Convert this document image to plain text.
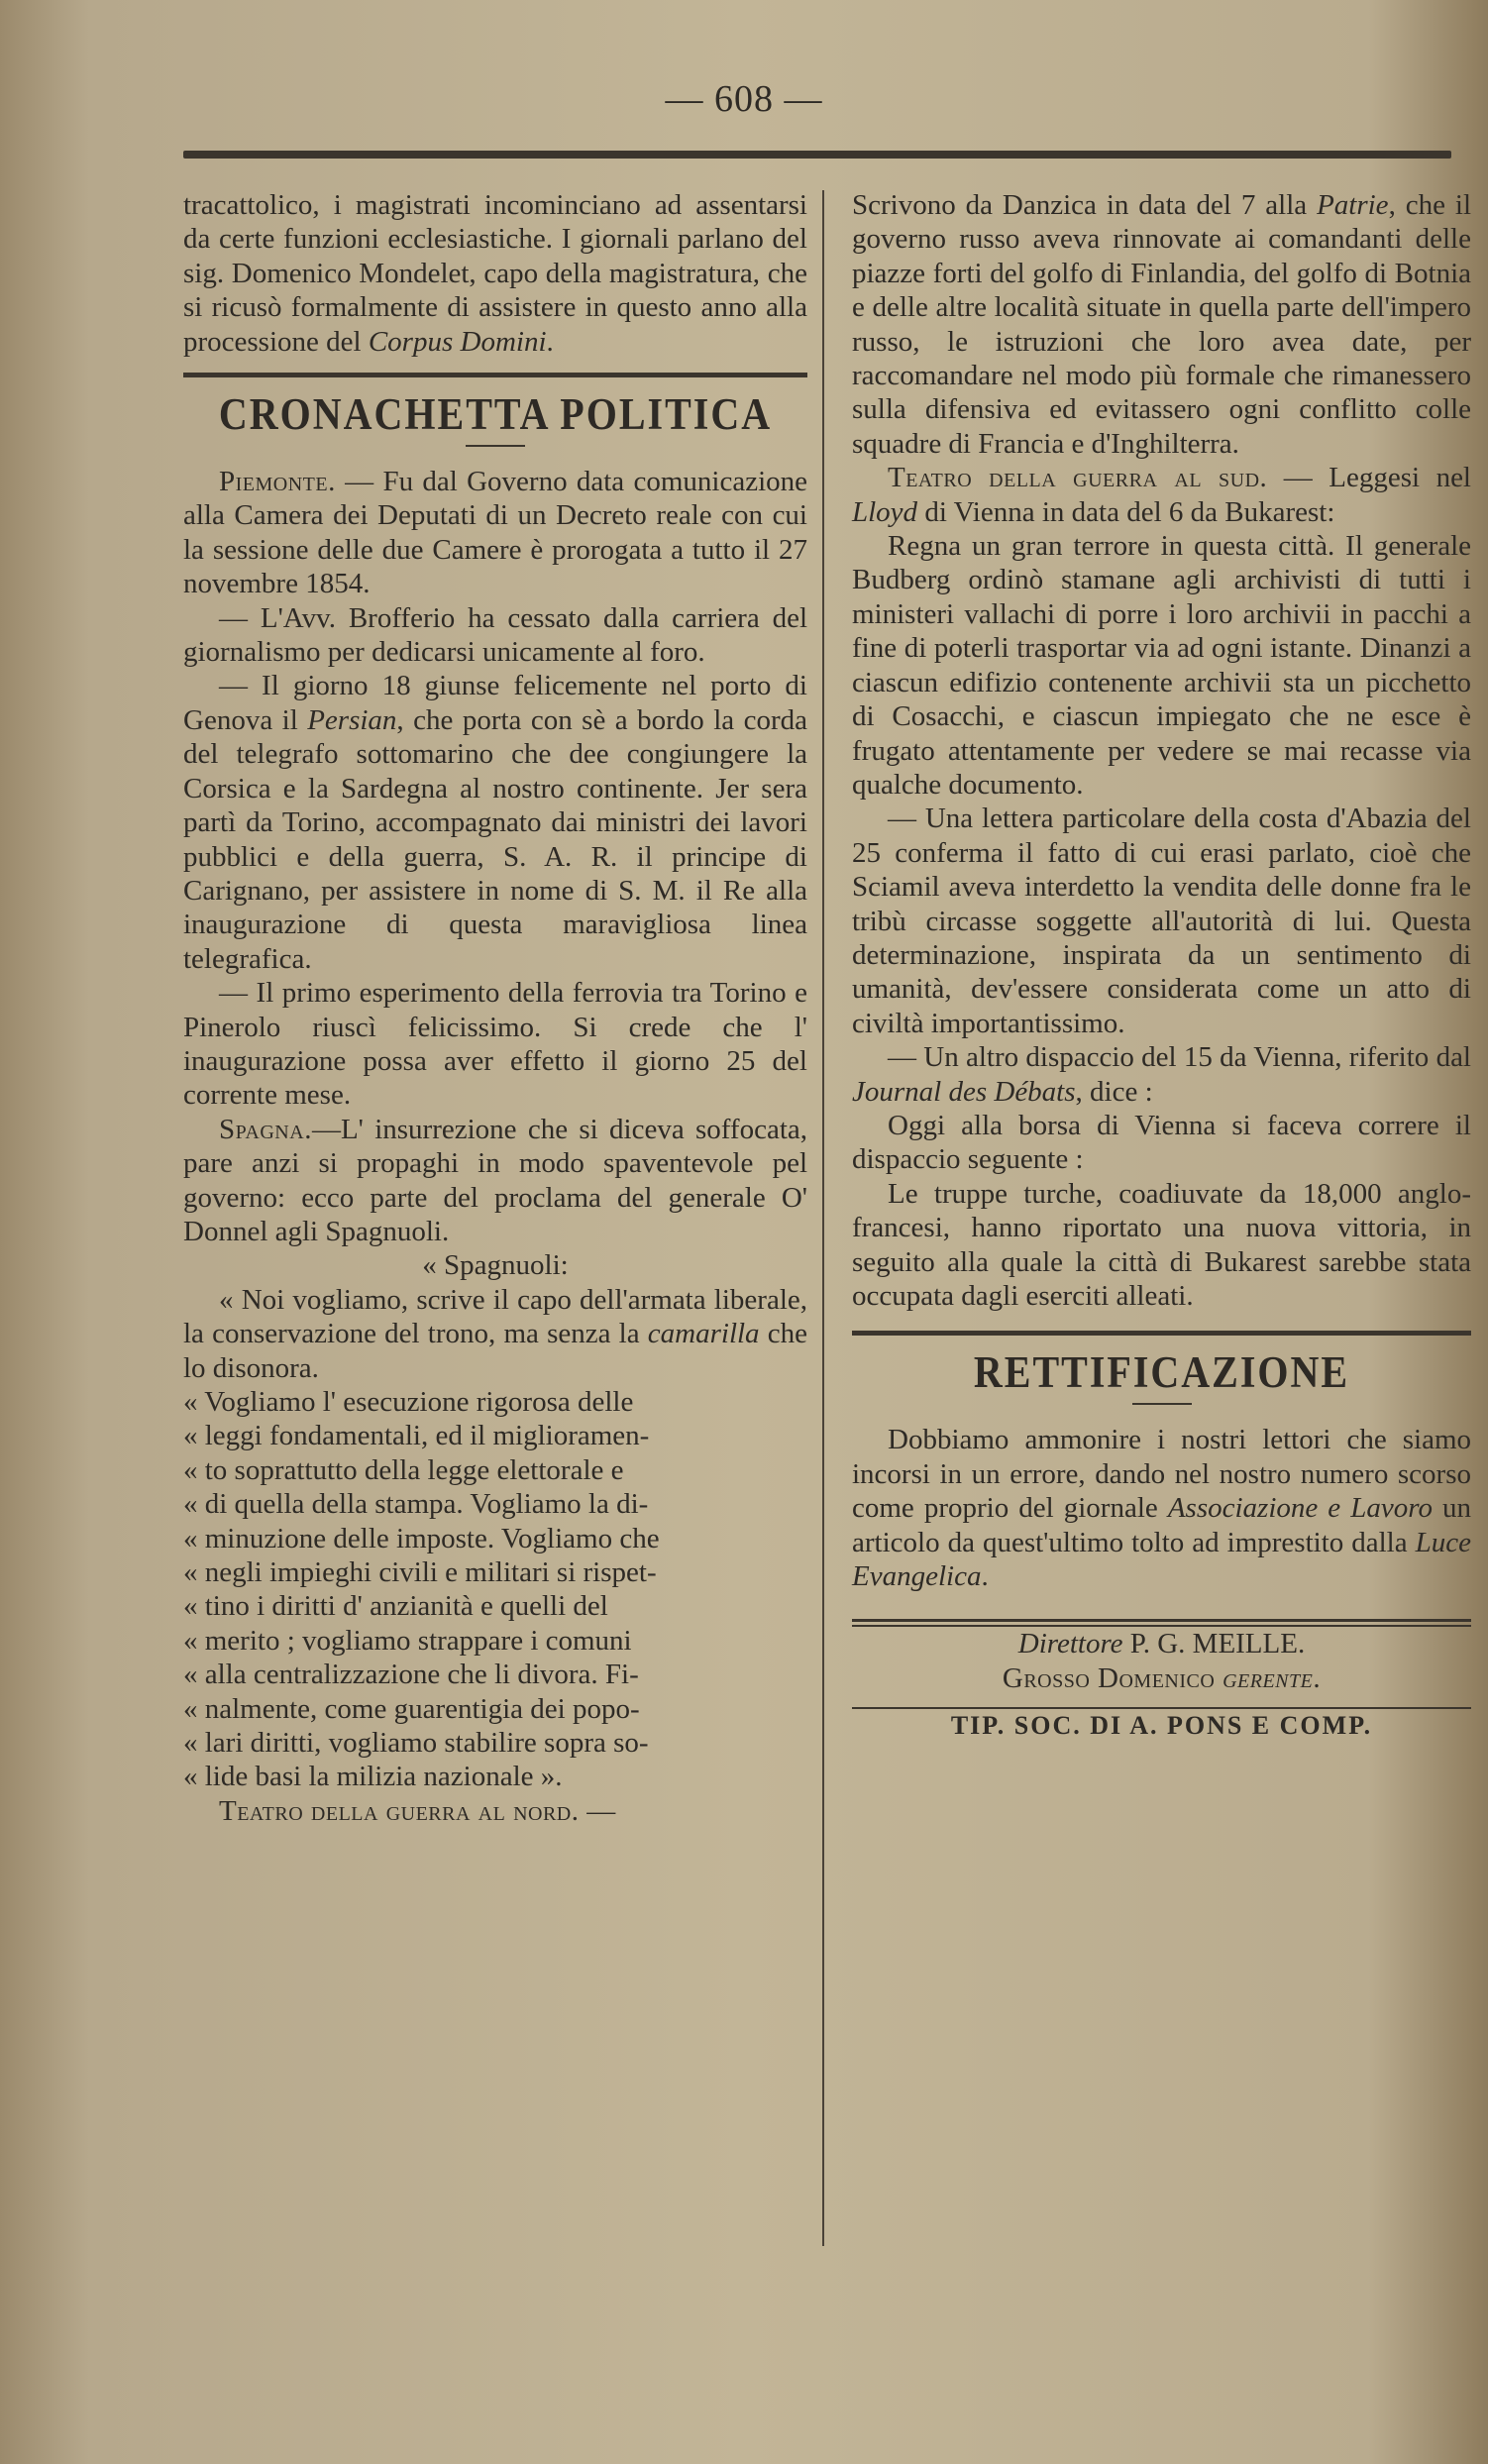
— 608 —

tracattolico, i magistrati incominciano ad assentarsi da certe funzioni ecclesiastiche. I giornali parlano del sig. Domenico Mondelet, capo della magistratura, che si ricusò formalmente di assistere in questo anno alla processione del Corpus Domini.

CRONACHETTA POLITICA

Piemonte. — Fu dal Governo data comunicazione alla Camera dei Deputati di un Decreto reale con cui la sessione delle due Camere è prorogata a tutto il 27 novembre 1854.

— L'Avv. Brofferio ha cessato dalla carriera del giornalismo per dedicarsi unicamente al foro.

— Il giorno 18 giunse felicemente nel porto di Genova il Persian, che porta con sè a bordo la corda del telegrafo sottomarino che dee congiungere la Corsica e la Sardegna al nostro continente. Jer sera partì da Torino, accompagnato dai ministri dei lavori pubblici e della guerra, S. A. R. il principe di Carignano, per assistere in nome di S. M. il Re alla inaugurazione di questa maravigliosa linea telegrafica.

— Il primo esperimento della ferrovia tra Torino e Pinerolo riuscì felicissimo. Si crede che l' inaugurazione possa aver effetto il giorno 25 del corrente mese.

Spagna.—L' insurrezione che si diceva soffocata, pare anzi si propaghi in modo spaventevole pel governo: ecco parte del proclama del generale O' Donnel agli Spagnuoli.

« Spagnuoli:

« Noi vogliamo, scrive il capo dell'armata liberale, la conservazione del trono, ma senza la camarilla che lo disonora.

« Vogliamo l' esecuzione rigorosa delle
« leggi fondamentali, ed il miglioramen-
« to soprattutto della legge elettorale e
« di quella della stampa. Vogliamo la di-
« minuzione delle imposte. Vogliamo che
« negli impieghi civili e militari si rispet-
« tino i diritti d' anzianità e quelli del
« merito ; vogliamo strappare i comuni
« alla centralizzazione che li divora. Fi-
« nalmente, come guarentigia dei popo-
« lari diritti, vogliamo stabilire sopra so-
« lide basi la milizia nazionale ».

Teatro della guerra al nord. —

Scrivono da Danzica in data del 7 alla Patrie, che il governo russo aveva rinnovate ai comandanti delle piazze forti del golfo di Finlandia, del golfo di Botnia e delle altre località situate in quella parte dell'impero russo, le istruzioni che loro avea date, per raccomandare nel modo più formale che rimanessero sulla difensiva ed evitassero ogni conflitto colle squadre di Francia e d'Inghilterra.

Teatro della guerra al sud. — Leggesi nel Lloyd di Vienna in data del 6 da Bukarest:

Regna un gran terrore in questa città. Il generale Budberg ordinò stamane agli archivisti di tutti i ministeri vallachi di porre i loro archivii in pacchi a fine di poterli trasportar via ad ogni istante. Dinanzi a ciascun edifizio contenente archivii sta un picchetto di Cosacchi, e ciascun impiegato che ne esce è frugato attentamente per vedere se mai recasse via qualche documento.

— Una lettera particolare della costa d'Abazia del 25 conferma il fatto di cui erasi parlato, cioè che Sciamil aveva interdetto la vendita delle donne fra le tribù circasse soggette all'autorità di lui. Questa determinazione, inspirata da un sentimento di umanità, dev'essere considerata come un atto di civiltà importantissimo.

— Un altro dispaccio del 15 da Vienna, riferito dal Journal des Débats, dice :

Oggi alla borsa di Vienna si faceva correre il dispaccio seguente :

Le truppe turche, coadiuvate da 18,000 anglo-francesi, hanno riportato una nuova vittoria, in seguito alla quale la città di Bukarest sarebbe stata occupata dagli eserciti alleati.

RETTIFICAZIONE

Dobbiamo ammonire i nostri lettori che siamo incorsi in un errore, dando nel nostro numero scorso come proprio del giornale Associazione e Lavoro un articolo da quest'ultimo tolto ad imprestito dalla Luce Evangelica.

Direttore P. G. MEILLE.

Grosso Domenico gerente.

TIP. SOC. DI A. PONS E COMP.
